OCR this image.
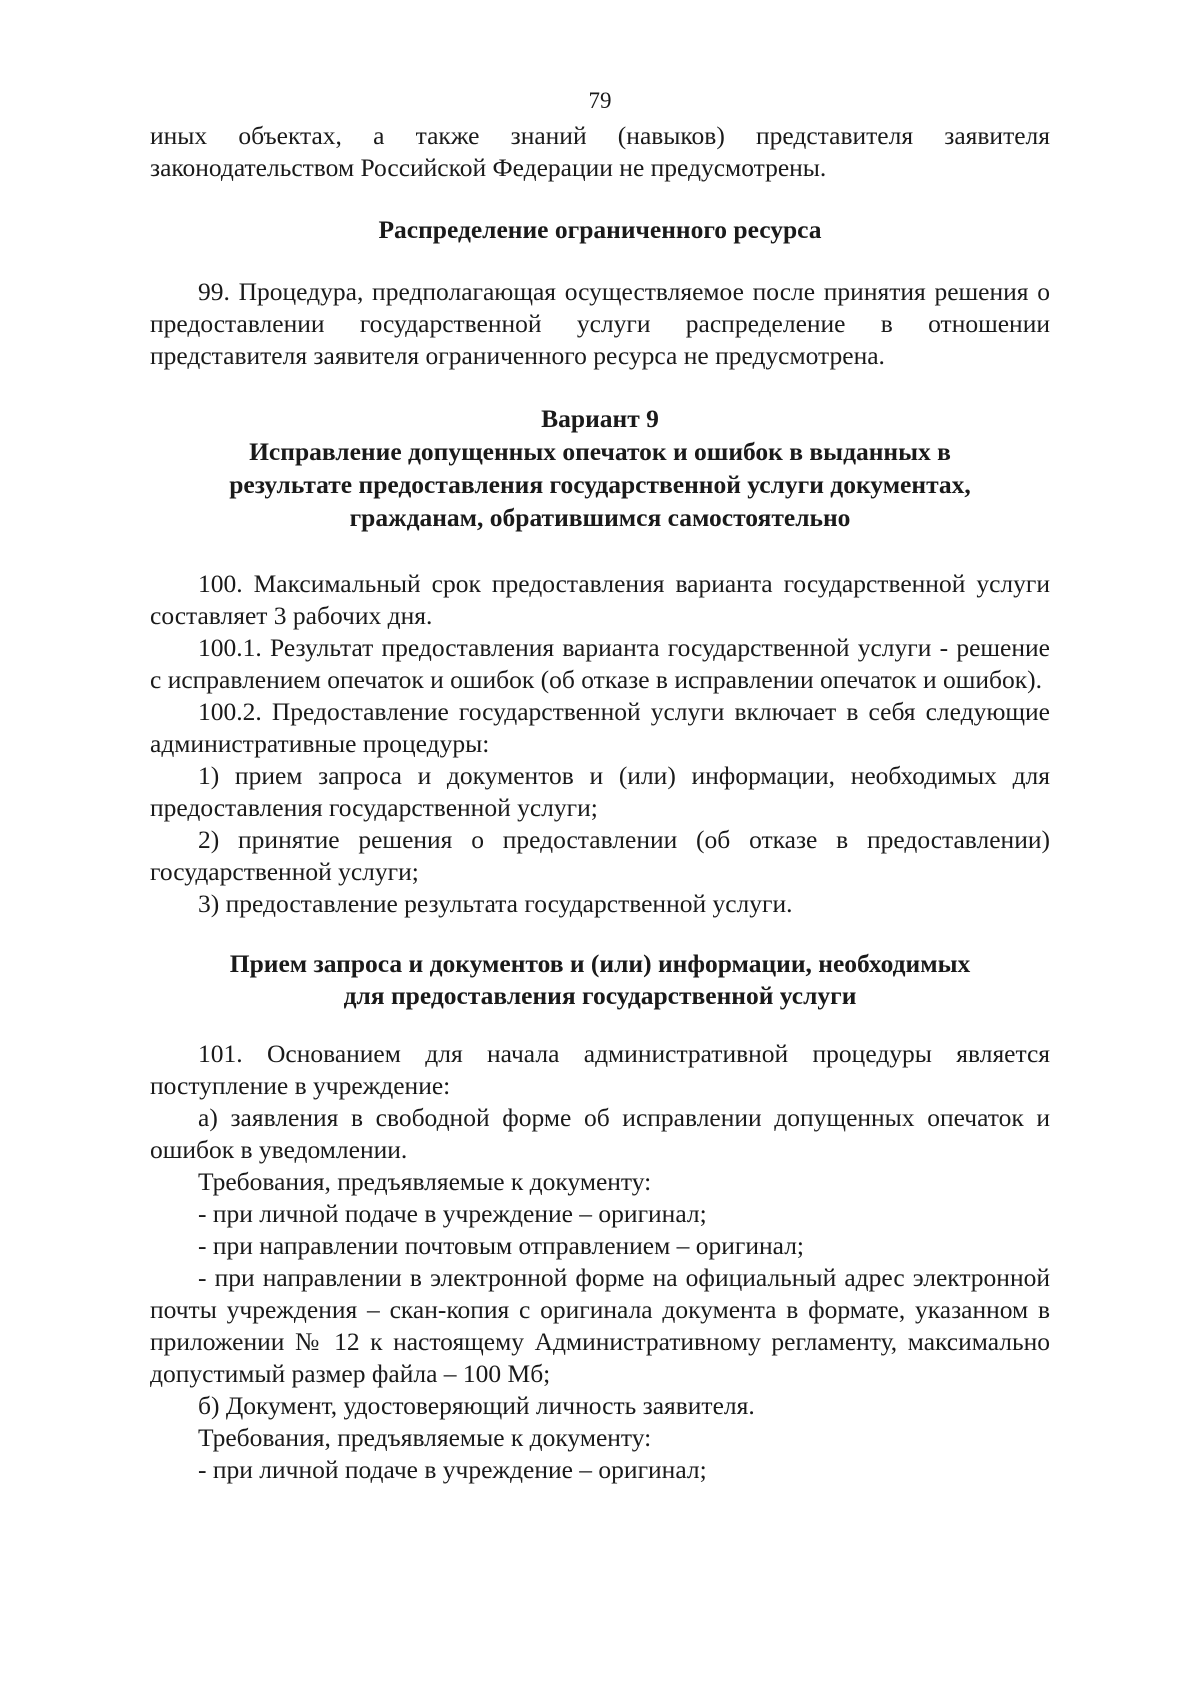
79

иных объектах, а также знаний (навыков) представителя заявителя законодательством Российской Федерации не предусмотрены.

Распределение ограниченного ресурса

99. Процедура, предполагающая осуществляемое после принятия решения о предоставлении государственной услуги распределение в отношении представителя заявителя ограниченного ресурса не предусмотрена.

Вариант 9
Исправление допущенных опечаток и ошибок в выданных в
результате предоставления государственной услуги документах,
гражданам, обратившимся самостоятельно

100. Максимальный срок предоставления варианта государственной услуги составляет 3 рабочих дня.

100.1. Результат предоставления варианта государственной услуги - решение с исправлением опечаток и ошибок (об отказе в исправлении опечаток и ошибок).

100.2. Предоставление государственной услуги включает в себя следующие административные процедуры:

1) прием запроса и документов и (или) информации, необходимых для предоставления государственной услуги;

2) принятие решения о предоставлении (об отказе в предоставлении) государственной услуги;

3) предоставление результата государственной услуги.

Прием запроса и документов и (или) информации, необходимых
для предоставления государственной услуги

101. Основанием для начала административной процедуры является поступление в учреждение:

а) заявления в свободной форме об исправлении допущенных опечаток и ошибок в уведомлении.

Требования, предъявляемые к документу:

- при личной подаче в учреждение – оригинал;

- при направлении почтовым отправлением – оригинал;

- при направлении в электронной форме на официальный адрес электронной почты учреждения – скан-копия с оригинала документа в формате, указанном в приложении № 12 к настоящему Административному регламенту, максимально допустимый размер файла – 100 Мб;

б) Документ, удостоверяющий личность заявителя.

Требования, предъявляемые к документу:

- при личной подаче в учреждение – оригинал;
